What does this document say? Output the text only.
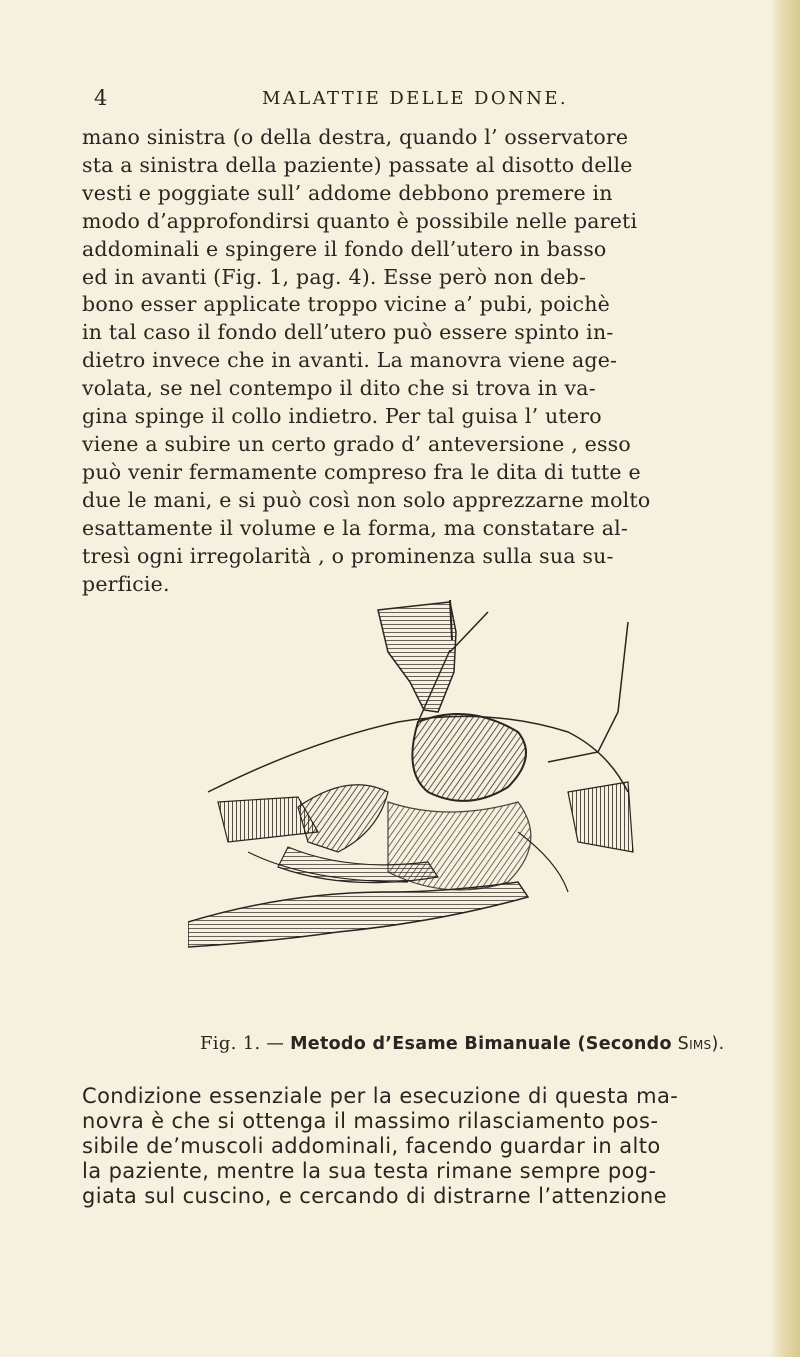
4	MALATTIE DELLE DONNE.
mano sinistra (o della destra, quando l’ osservatore
sta a sinistra della paziente) passate al disotto delle
vesti e poggiate sull’ addome debbono premere in
modo d’approfondirsi quanto è possibile nelle pareti
addominali e spingere il fondo dell’utero in basso
ed in avanti (Fig. 1, pag. 4). Esse però non deb-
bono esser applicate troppo vicine a’ pubi, poichè
in tal caso il fondo dell’utero può essere spinto in-
dietro invece che in avanti. La manovra viene age-
volata, se nel contempo il dito che si trova in va-
gina spinge il collo indietro. Per tal guisa l’ utero
viene a subire un certo grado d’ anteversione , esso
può venir fermamente compreso fra le dita di tutte e
due le mani, e si può così non solo apprezzarne molto
esattamente il volume e la forma, ma constatare al-
tresì ogni irregolarità , o prominenza sulla sua su-
perficie.
Fig. 1. — Metodo d’Esame Bimanuale (Secondo Sims).
Condizione essenziale per la esecuzione di questa ma-
novra è che si ottenga il massimo rilasciamento pos-
sibile de’muscoli addominali, facendo guardar in alto
la paziente, mentre la sua testa rimane sempre pog-
giata sul cuscino, e cercando di distrarne l’attenzione
